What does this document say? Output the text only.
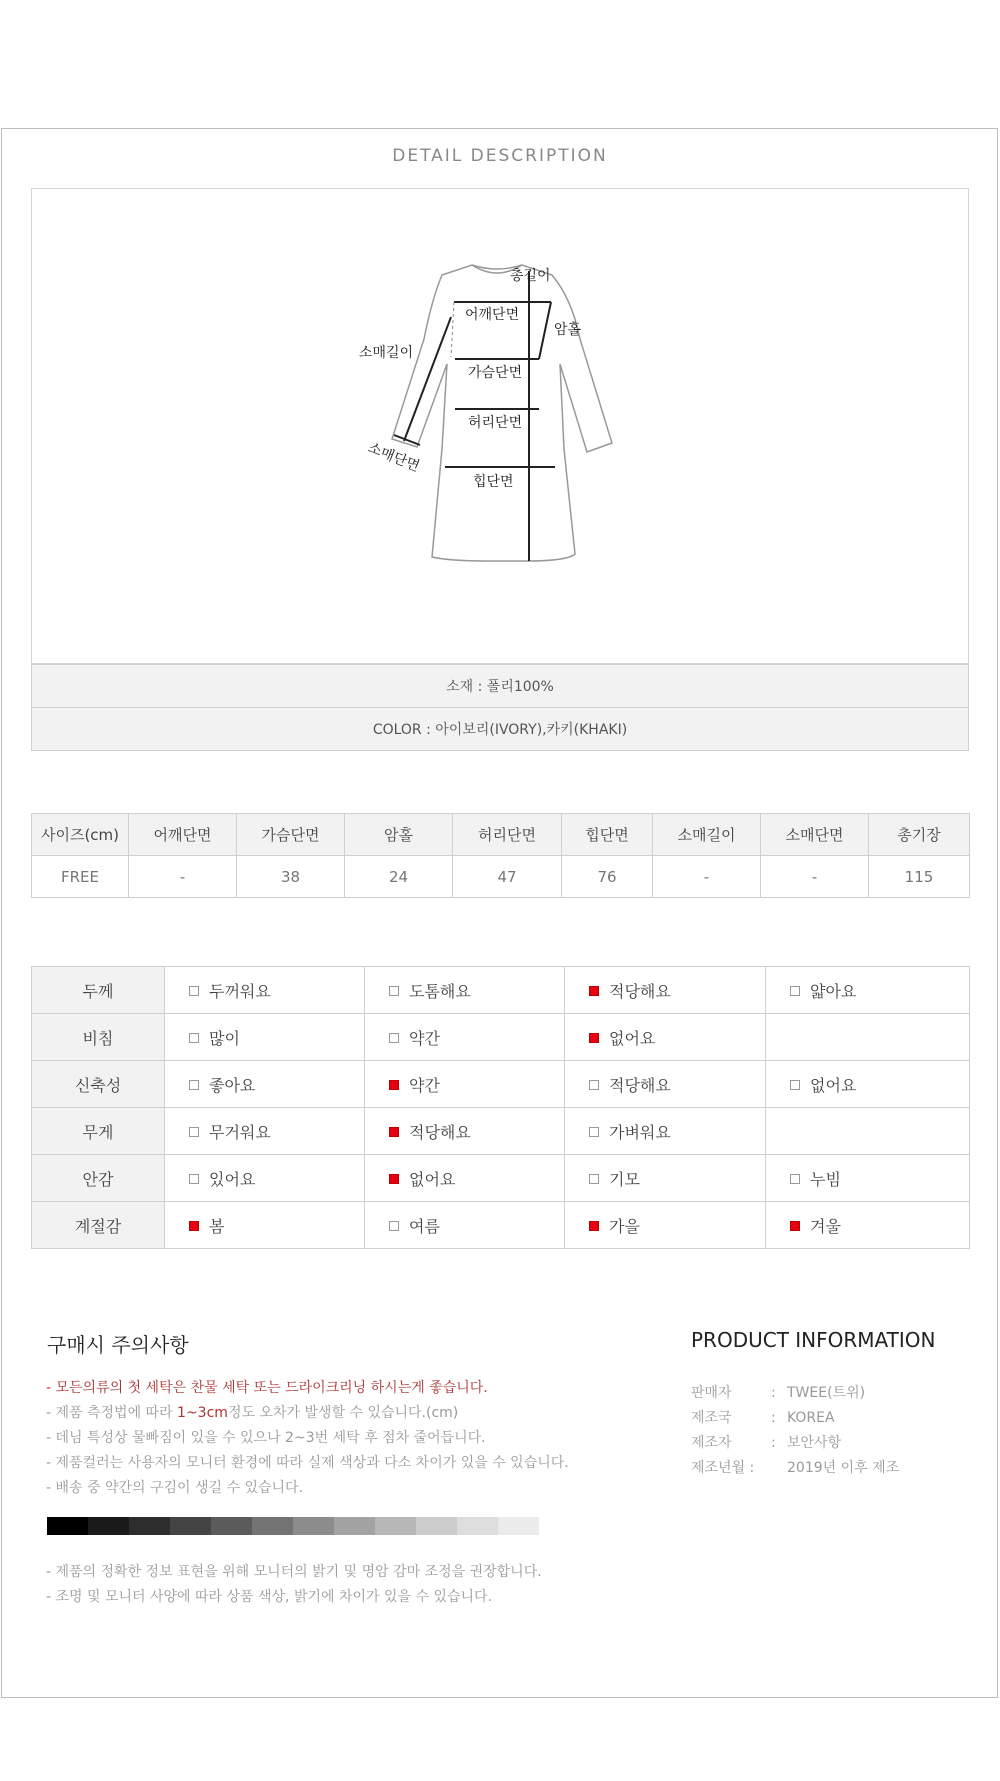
DETAIL DESCRIPTION
총길이
어깨단면
암홀
소매길이
가슴단면
허리단면
소매단면
힙단면
소재 : 폴리100%
COLOR : 아이보리(IVORY),카키(KHAKI)
사이즈(cm)	어깨단면	가슴단면	암홀	허리단면	힙단면	소매길이	소매단면	총기장
FREE	-	38	24	47	76	-	-	115
두께	두꺼워요	도톰해요	적당해요	얇아요
비침	많이	약간	없어요	
신축성	좋아요	약간	적당해요	없어요
무게	무거워요	적당해요	가벼워요	
안감	있어요	없어요	기모	누빔
계절감	봄	여름	가을	겨울
구매시 주의사항
- 모든의류의 첫 세탁은 찬물 세탁 또는 드라이크리닝 하시는게 좋습니다.
- 제품 측정법에 따라 1~3cm정도 오차가 발생할 수 있습니다.(cm)
- 데님 특성상 물빠짐이 있을 수 있으나 2~3번 세탁 후 점차 줄어듭니다.
- 제품컬러는 사용자의 모니터 환경에 따라 실제 색상과 다소 차이가 있을 수 있습니다.
- 배송 중 약간의 구김이 생길 수 있습니다.
- 제품의 정확한 정보 표현을 위해 모니터의 밝기 및 명암 감마 조정을 권장합니다.
- 조명 및 모니터 사양에 따라 상품 색상, 밝기에 차이가 있을 수 있습니다.
PRODUCT INFORMATION
판매자	: TWEE(트위)
제조국	: KOREA
제조자	: 보안사항
제조년월 :	2019년 이후 제조
